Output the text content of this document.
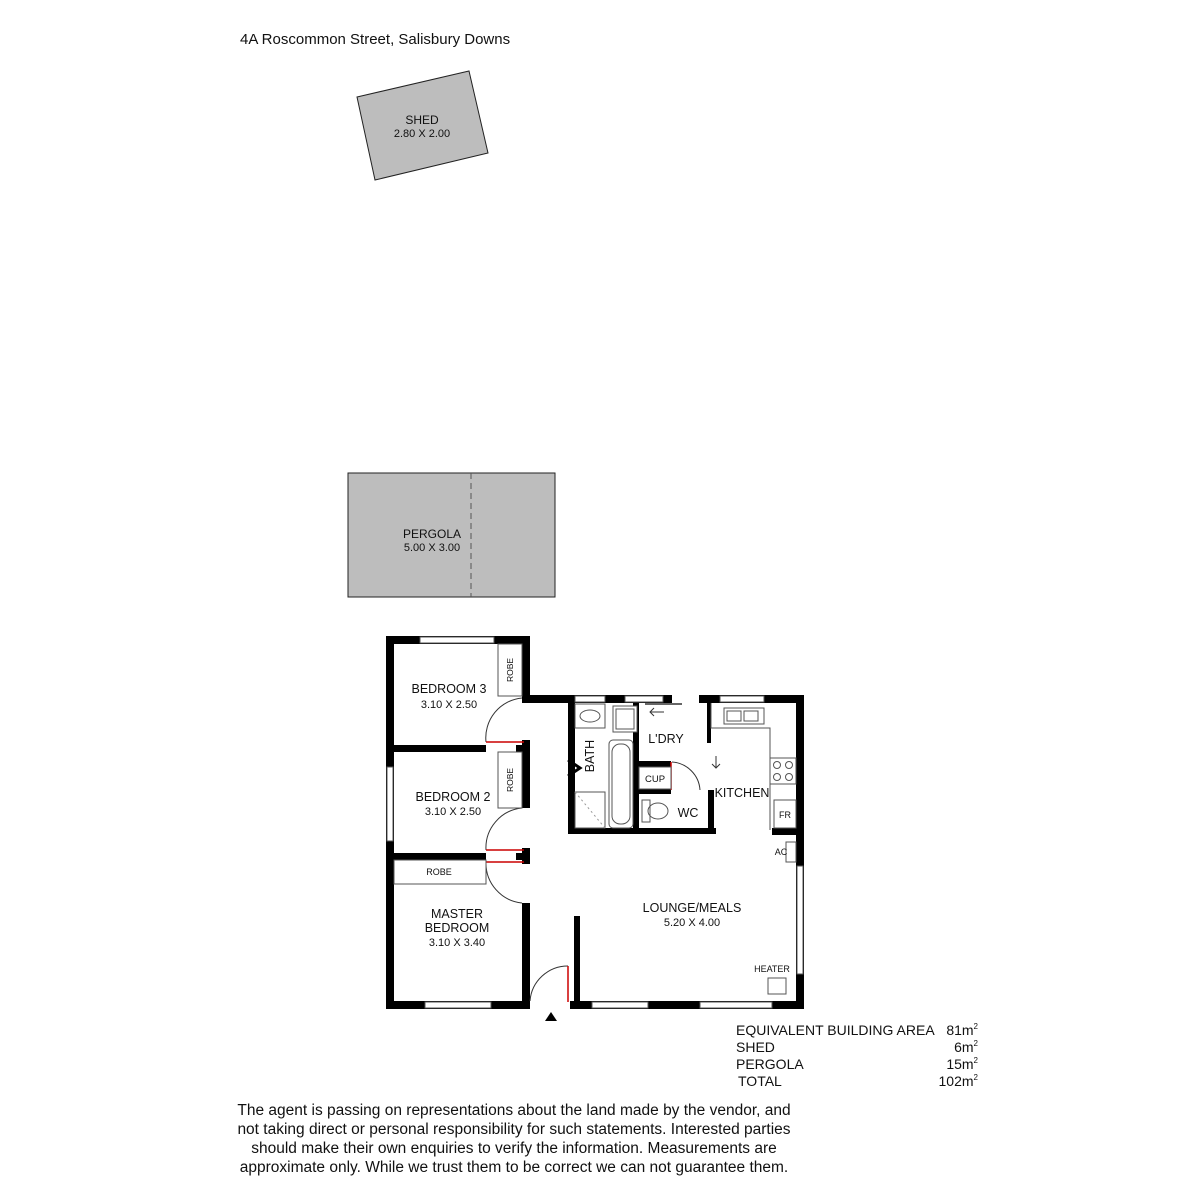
4A Roscommon Street, Salisbury Downs
SHED
2.80 X 2.00
PERGOLA
5.00 X 3.00
BEDROOM 3
3.10 X 2.50
BEDROOM 2
3.10 X 2.50
MASTER
BEDROOM
3.10 X 3.40
LOUNGE/MEALS
5.20 X 4.00
BATH
L'DRY
KITCHEN
WC
CUP
ROBE
ROBE
ROBE
FR
AC
HEATER
EQUIVALENT BUILDING AREA $81m^2$
SHED	$6m^2$
PERGOLA	$15m^2$
TOTAL	$102m^2$
The agent is passing on representations about the land made by the vendor, and
not taking direct or personal responsibility for such statements. Interested parties
should make their own enquiries to verify the information. Measurements are
approximate only. While we trust them to be correct we can not guarantee them.
